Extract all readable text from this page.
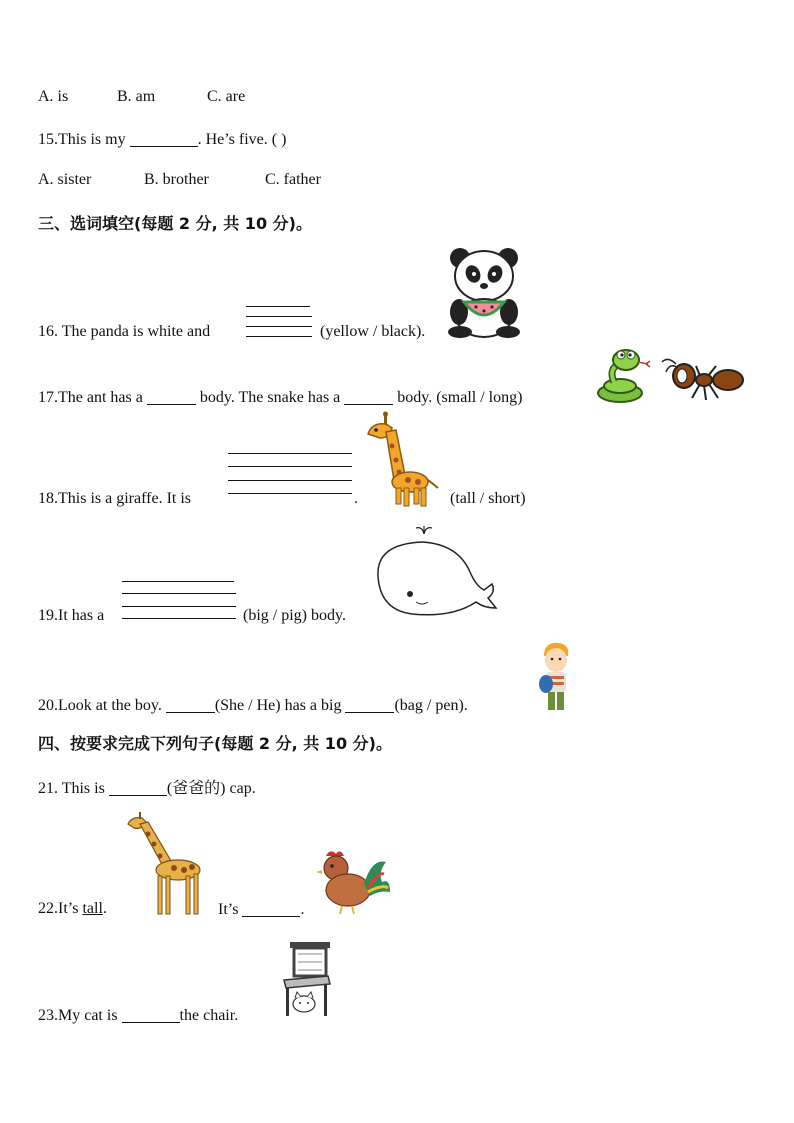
A. is	B. am	C. are
15.This is my	. He’s five. ( )
A. sister	B. brother	C. father
三、选词填空(每题 2 分, 共 10 分)。
16. The panda is white and	(yellow / black).
17.The ant has a	body. The snake has a	body. (small / long)
18.This is a giraffe. It is	.	(tall / short)
19.It has a	(big / pig) body.
20.Look at the boy.	(She / He) has a big	(bag / pen).
四、按要求完成下列句子(每题 2 分, 共 10 分)。
21. This is	(爸爸的) cap.
22.It’s tall.	It’s	.
23.My cat is	the chair.
